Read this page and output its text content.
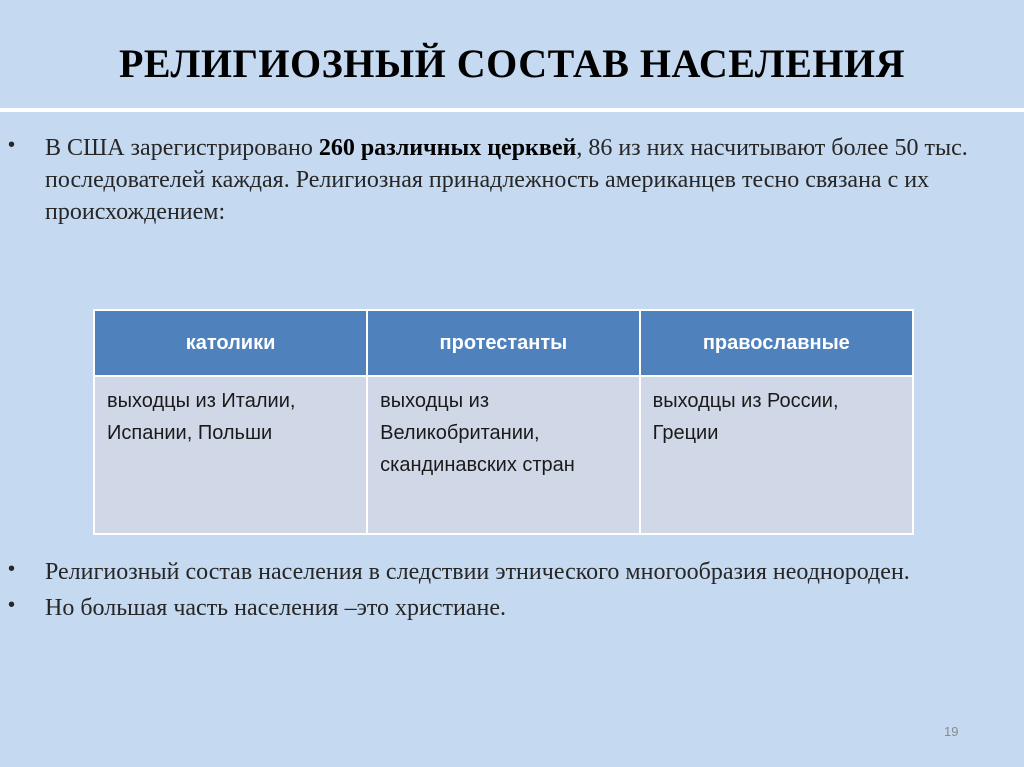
РЕЛИГИОЗНЫЙ СОСТАВ НАСЕЛЕНИЯ
•	В США зарегистрировано 260 различных церквей, 86 из них насчитывают более 50 тыс. последователей каждая. Религиозная принадлежность американцев тесно связана с их происхождением:
католики	протестанты	православные
выходцы из Италии, Испании, Польши	выходцы из Великобритании, скандинавских стран	выходцы из России, Греции
•	Религиозный состав населения в следствии этнического многообразия неоднороден.
•	Но большая часть населения –это христиане.
19
